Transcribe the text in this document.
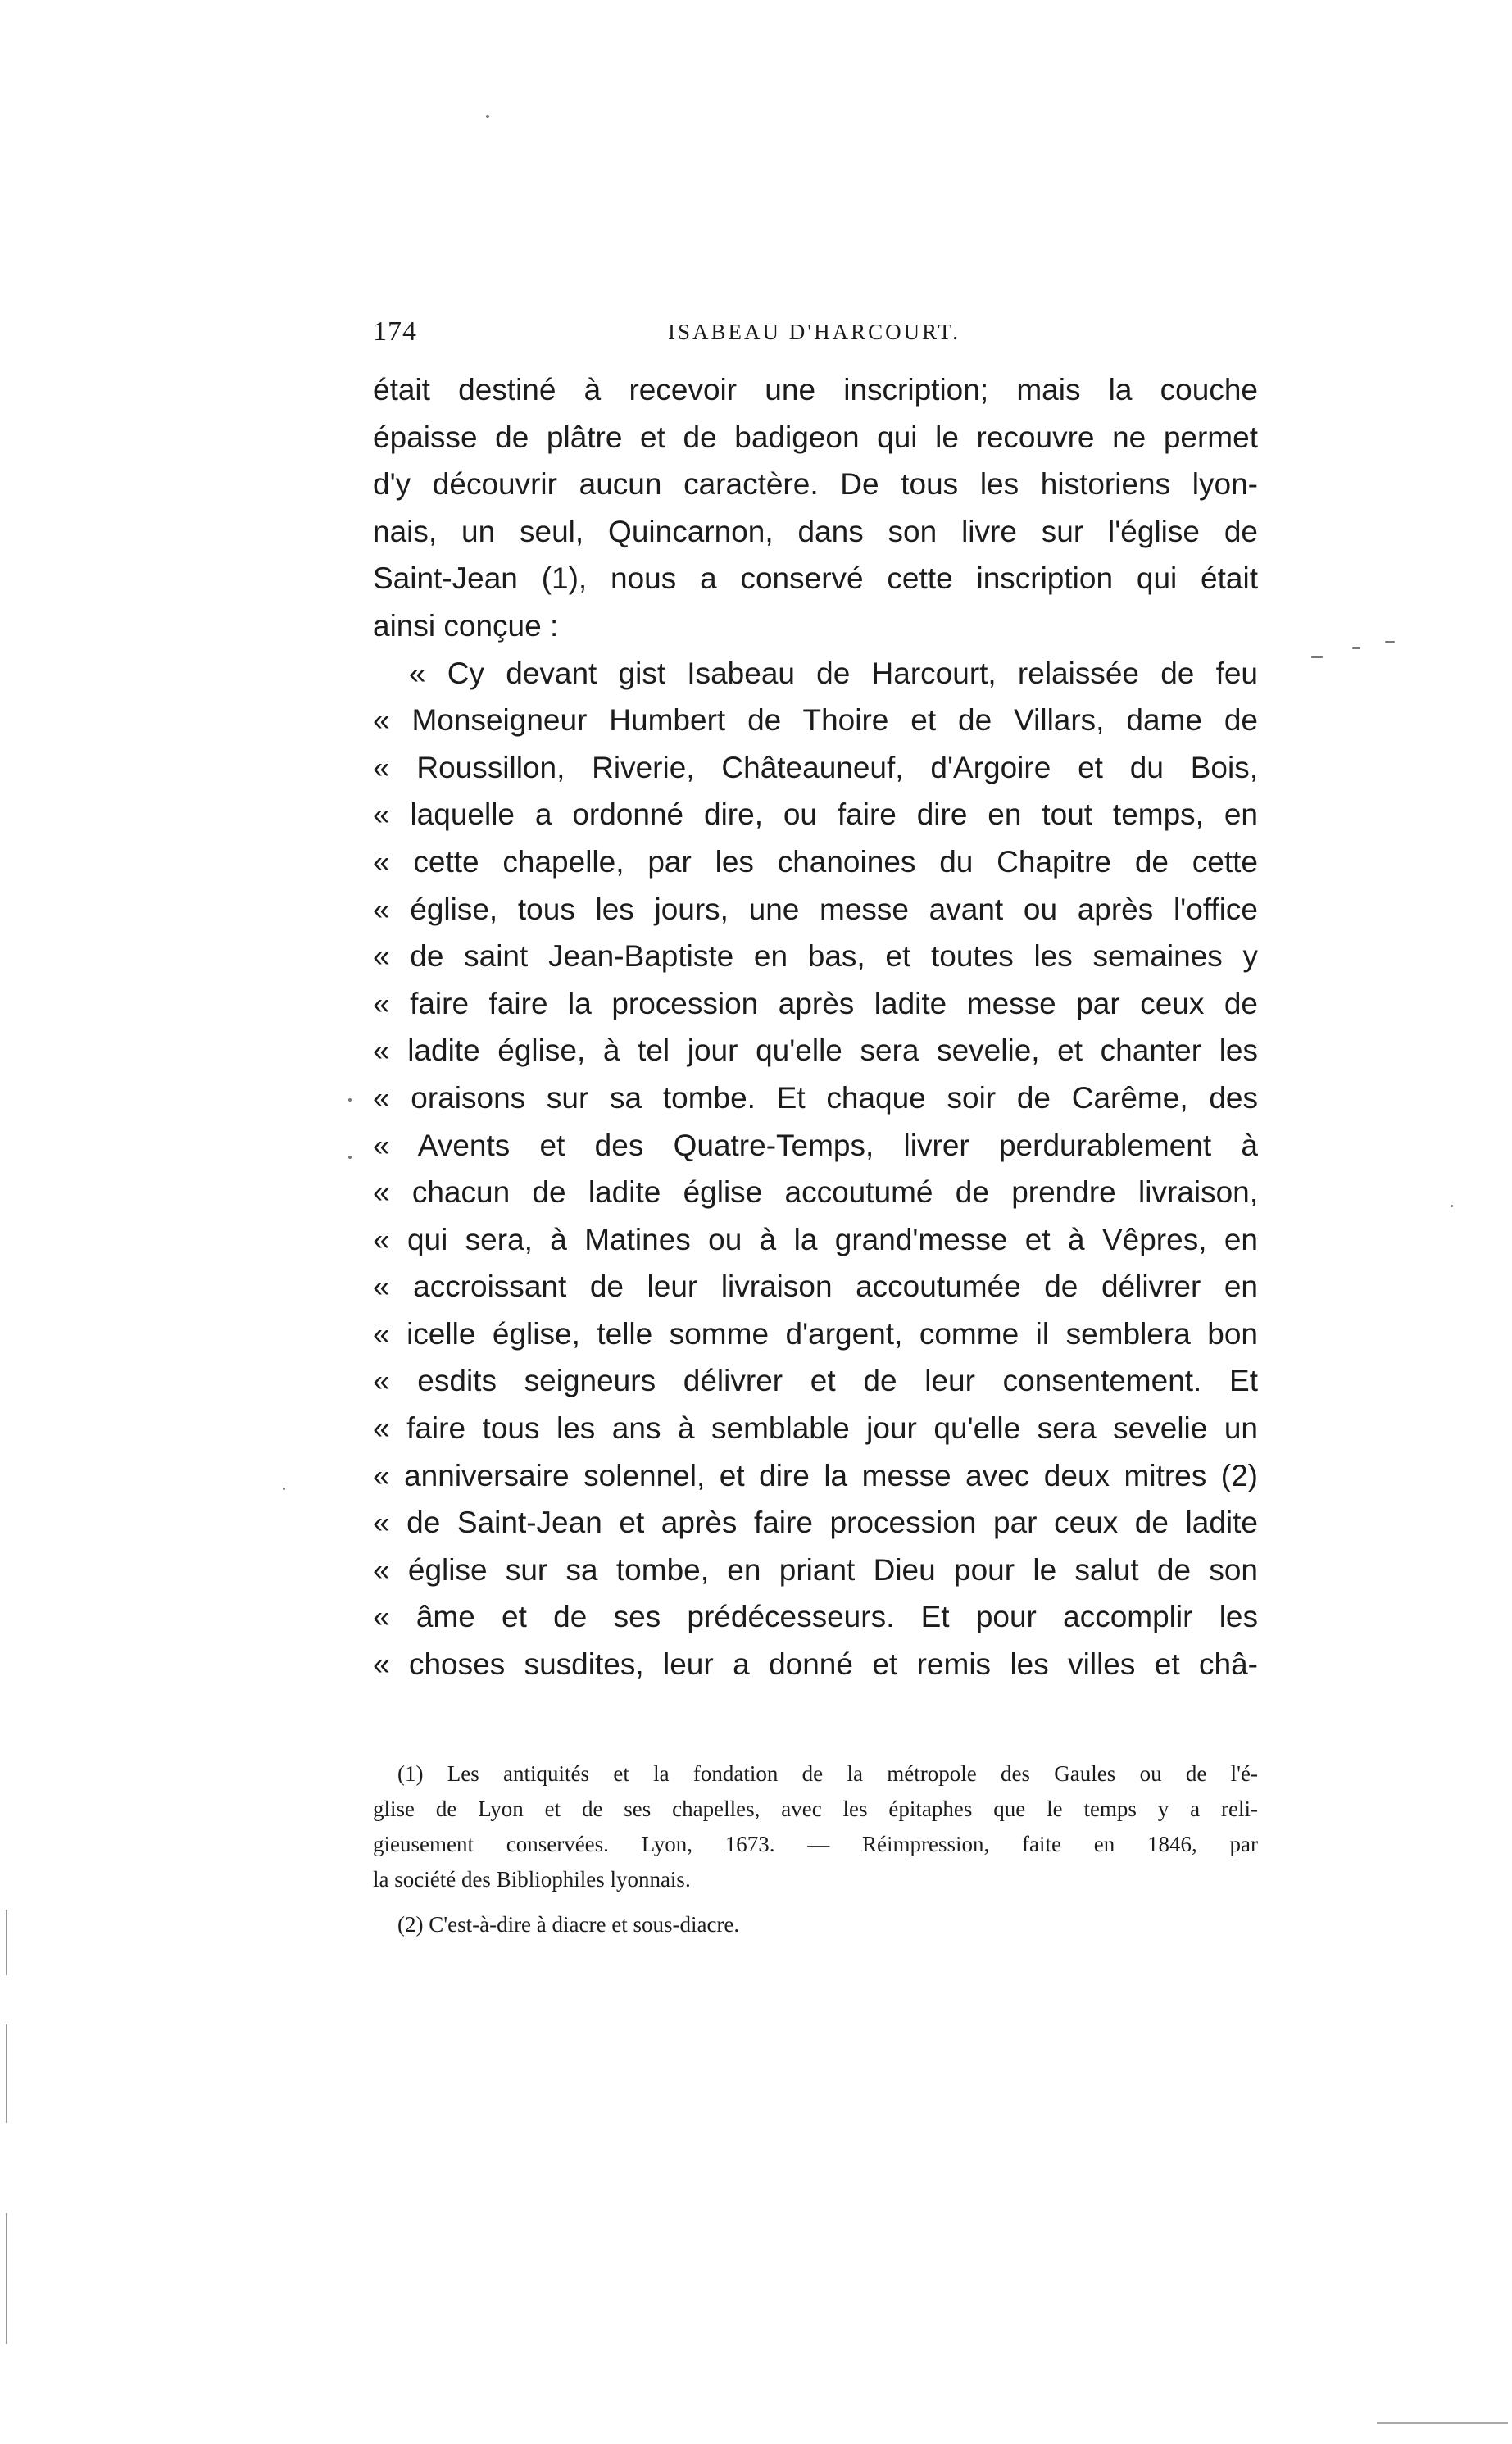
174	ISABEAU D'HARCOURT.
était destiné à recevoir une inscription; mais la couche
épaisse de plâtre et de badigeon qui le recouvre ne permet
d'y découvrir aucun caractère. De tous les historiens lyon-
nais, un seul, Quincarnon, dans son livre sur l'église de
Saint-Jean (1), nous a conservé cette inscription qui était
ainsi conçue :
« Cy devant gist Isabeau de Harcourt, relaissée de feu
« Monseigneur Humbert de Thoire et de Villars, dame de
« Roussillon, Riverie, Châteauneuf, d'Argoire et du Bois,
« laquelle a ordonné dire, ou faire dire en tout temps, en
« cette chapelle, par les chanoines du Chapitre de cette
« église, tous les jours, une messe avant ou après l'office
« de saint Jean-Baptiste en bas, et toutes les semaines y
« faire faire la procession après ladite messe par ceux de
« ladite église, à tel jour qu'elle sera sevelie, et chanter les
« oraisons sur sa tombe. Et chaque soir de Carême, des
« Avents et des Quatre-Temps, livrer perdurablement à
« chacun de ladite église accoutumé de prendre livraison,
« qui sera, à Matines ou à la grand'messe et à Vêpres, en
« accroissant de leur livraison accoutumée de délivrer en
« icelle église, telle somme d'argent, comme il semblera bon
« esdits seigneurs délivrer et de leur consentement. Et
« faire tous les ans à semblable jour qu'elle sera sevelie un
« anniversaire solennel, et dire la messe avec deux mitres (2)
« de Saint-Jean et après faire procession par ceux de ladite
« église sur sa tombe, en priant Dieu pour le salut de son
« âme et de ses prédécesseurs. Et pour accomplir les
« choses susdites, leur a donné et remis les villes et châ-
(1) Les antiquités et la fondation de la métropole des Gaules ou de l'é-
glise de Lyon et de ses chapelles, avec les épitaphes que le temps y a reli-
gieusement conservées. Lyon, 1673. — Réimpression, faite en 1846, par
la société des Bibliophiles lyonnais.
(2) C'est-à-dire à diacre et sous-diacre.
